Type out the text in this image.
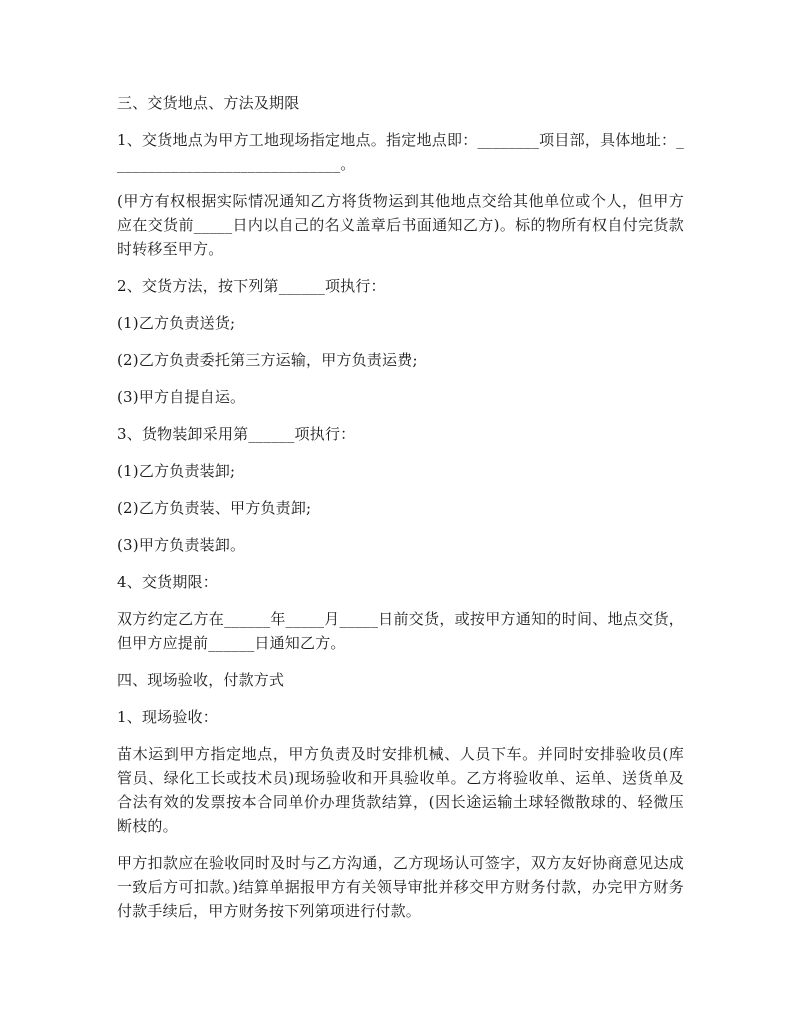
三、交货地点、方法及期限

1、交货地点为甲方工地现场指定地点。指定地点即：________项目部，具体地址：______________________________。

(甲方有权根据实际情况通知乙方将货物运到其他地点交给其他单位或个人，但甲方应在交货前_____日内以自己的名义盖章后书面通知乙方)。标的物所有权自付完货款时转移至甲方。

2、交货方法，按下列第______项执行：

(1)乙方负责送货;

(2)乙方负责委托第三方运输，甲方负责运费;

(3)甲方自提自运。

3、货物装卸采用第______项执行：

(1)乙方负责装卸;

(2)乙方负责装、甲方负责卸;

(3)甲方负责装卸。

4、交货期限：

双方约定乙方在______年_____月_____日前交货，或按甲方通知的时间、地点交货，但甲方应提前______日通知乙方。

四、现场验收，付款方式

1、现场验收：

苗木运到甲方指定地点，甲方负责及时安排机械、人员下车。并同时安排验收员(库管员、绿化工长或技术员)现场验收和开具验收单。乙方将验收单、运单、送货单及合法有效的发票按本合同单价办理货款结算，(因长途运输土球轻微散球的、轻微压断枝的。

甲方扣款应在验收同时及时与乙方沟通，乙方现场认可签字，双方友好协商意见达成一致后方可扣款。)结算单据报甲方有关领导审批并移交甲方财务付款，办完甲方财务付款手续后，甲方财务按下列第项进行付款。
